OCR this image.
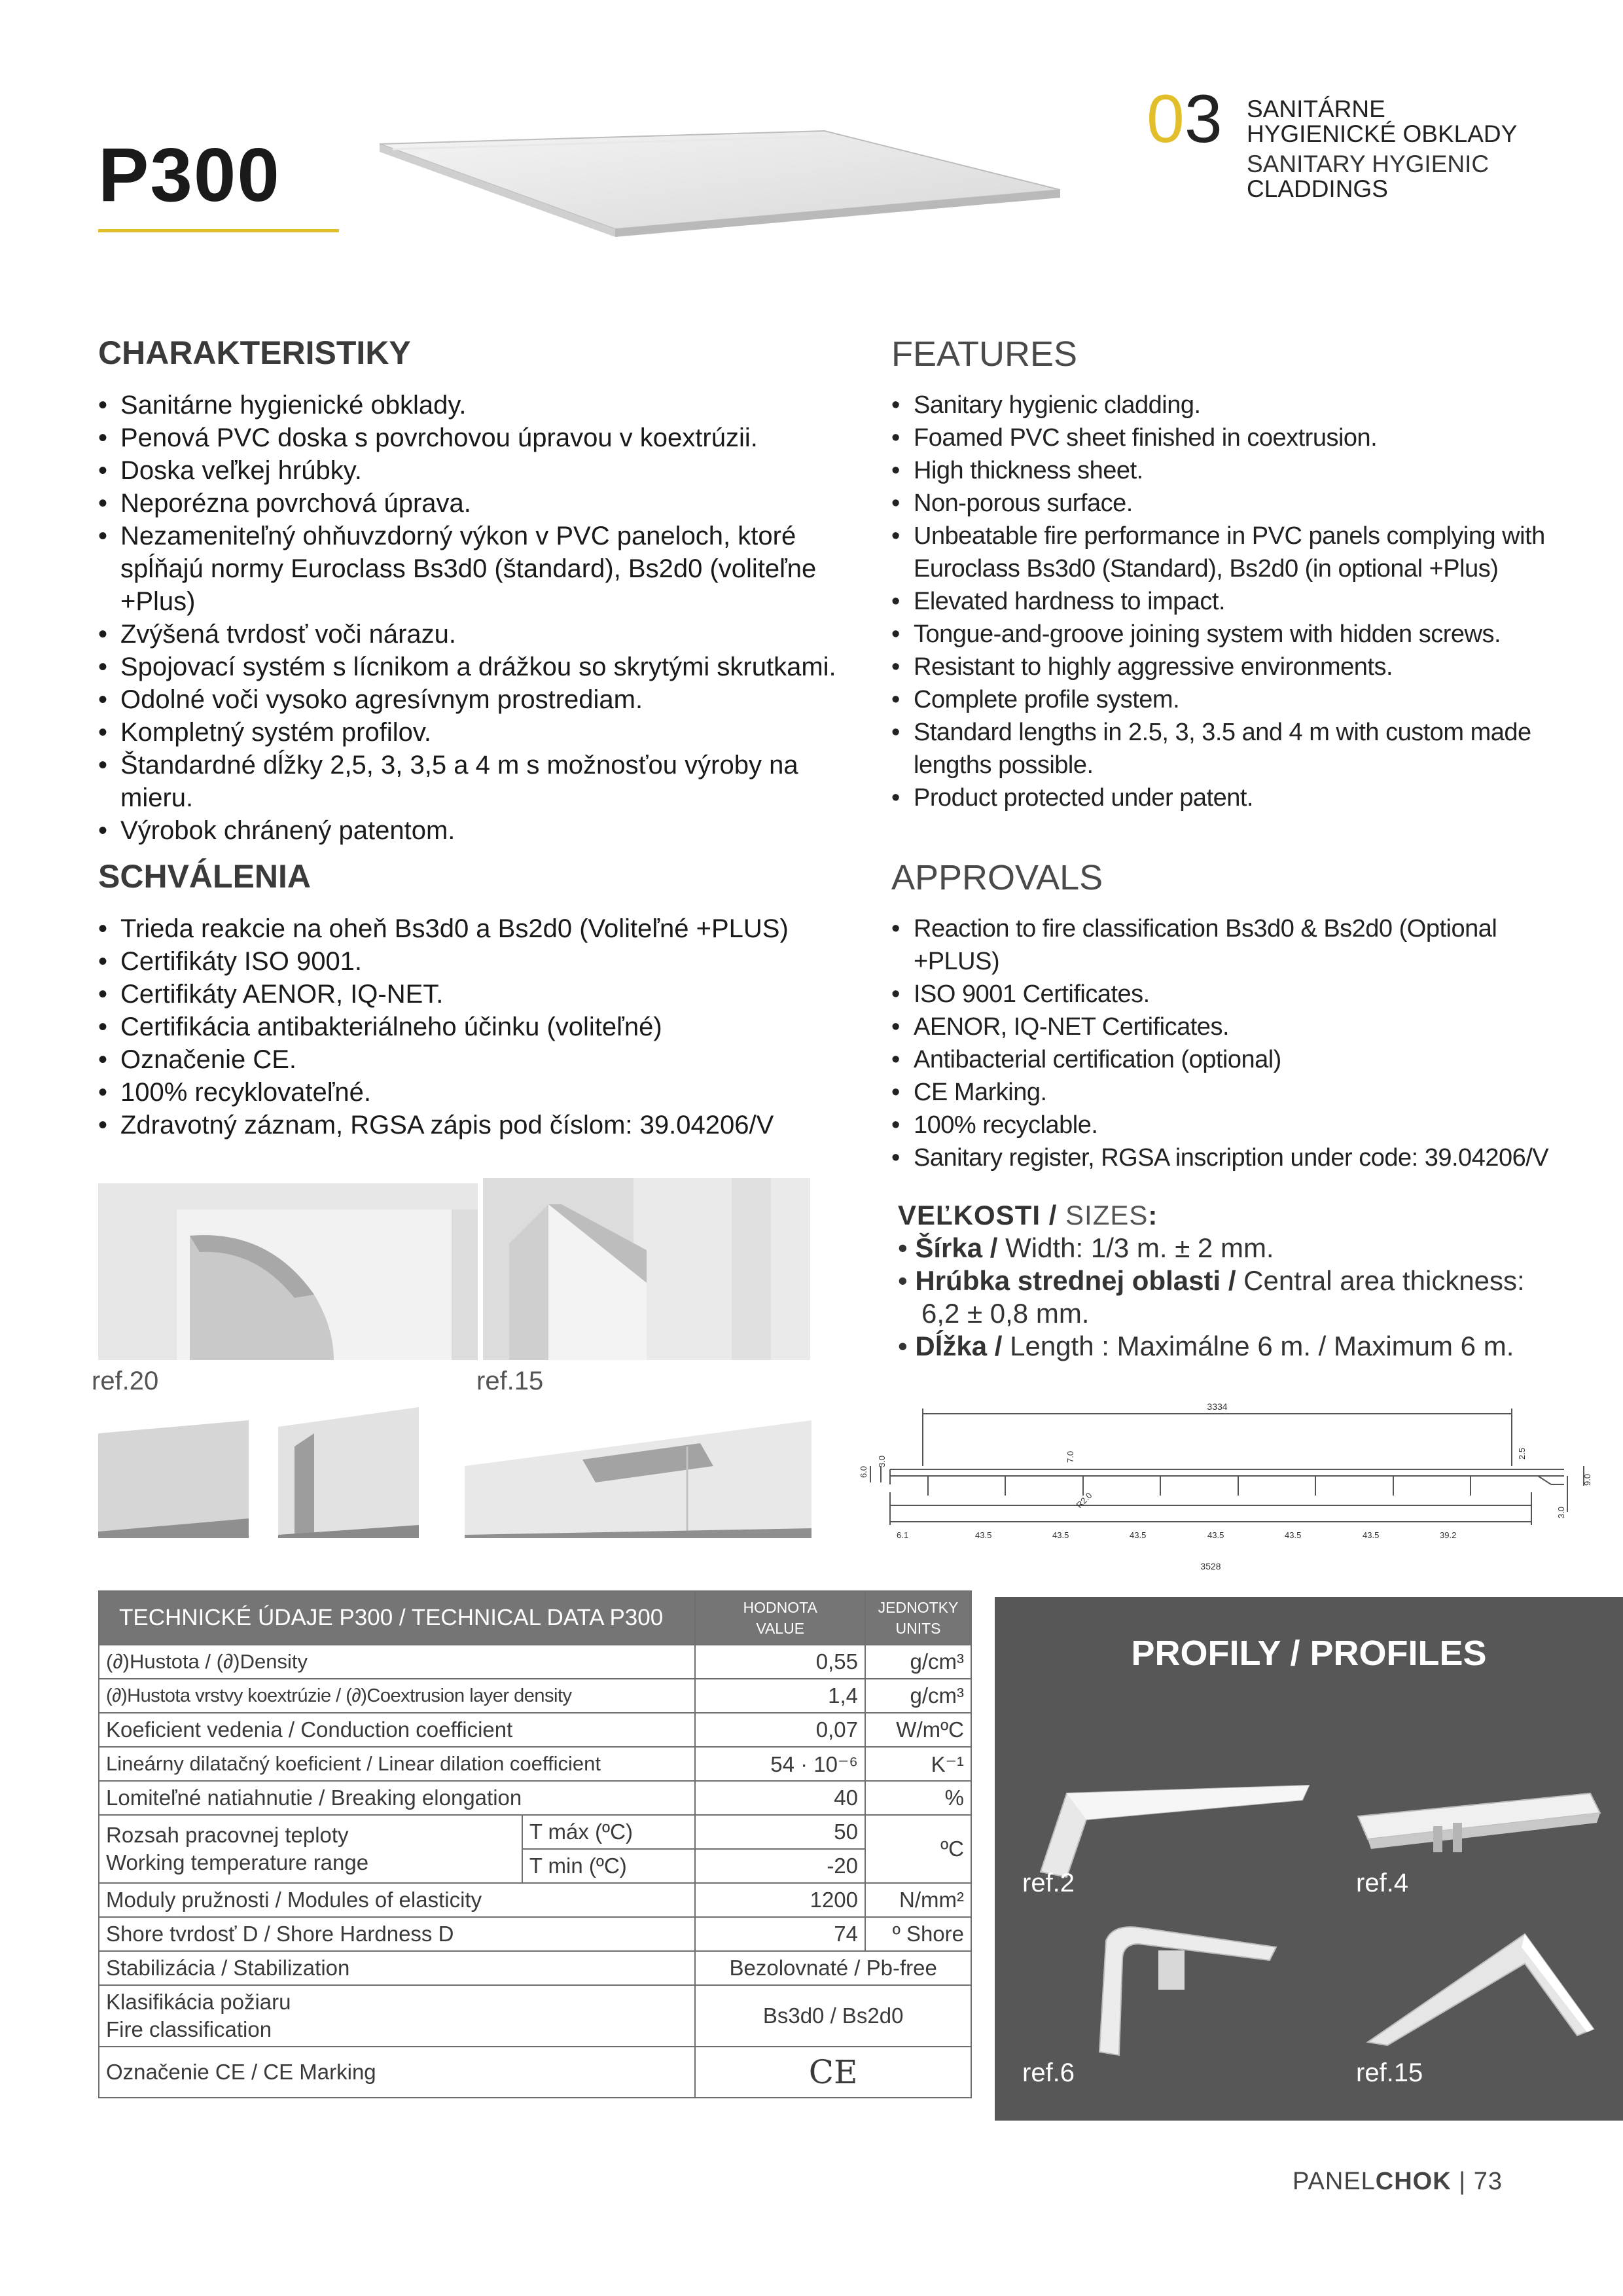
P300
03 SANITÁRNE
HYGIENICKÉ OBKLADY
SANITARY HYGIENIC
CLADDINGS
CHARAKTERISTIKY
• Sanitárne hygienické obklady.
• Penová PVC doska s povrchovou úpravou v koextrúzii.
• Doska veľkej hrúbky.
• Neporézna povrchová úprava.
• Nezameniteľný ohňuvzdorný výkon v PVC paneloch, ktoré spĺňajú normy Euroclass Bs3d0 (štandard), Bs2d0 (voliteľne +Plus)
• Zvýšená tvrdosť voči nárazu.
• Spojovací systém s lícnikom a drážkou so skrytými skrutkami.
• Odolné voči vysoko agresívnym prostrediam.
• Kompletný systém profilov.
• Štandardné dĺžky 2,5, 3, 3,5 a 4 m s možnosťou výroby na mieru.
• Výrobok chránený patentom.
SCHVÁLENIA
• Trieda reakcie na oheň Bs3d0 a Bs2d0 (Voliteľné +PLUS)
• Certifikáty ISO 9001.
• Certifikáty AENOR, IQ-NET.
• Certifikácia antibakteriálneho účinku (voliteľné)
• Označenie CE.
• 100% recyklovateľné.
• Zdravotný záznam, RGSA zápis pod číslom: 39.04206/V
FEATURES
• Sanitary hygienic cladding.
• Foamed PVC sheet finished in coextrusion.
• High thickness sheet.
• Non-porous surface.
• Unbeatable fire performance in PVC panels complying with Euroclass Bs3d0 (Standard), Bs2d0 (in optional +Plus)
• Elevated hardness to impact.
• Tongue-and-groove joining system with hidden screws.
• Resistant to highly aggressive environments.
• Complete profile system.
• Standard lengths in 2.5, 3, 3.5 and 4 m with custom made lengths possible.
• Product protected under patent.
APPROVALS
• Reaction to fire classification Bs3d0 & Bs2d0 (Optional +PLUS)
• ISO 9001 Certificates.
• AENOR, IQ-NET Certificates.
• Antibacterial certification (optional)
• CE Marking.
• 100% recyclable.
• Sanitary register, RGSA inscription under code: 39.04206/V
VEĽKOSTI / SIZES:
• Šírka / Width: 1/3 m. ± 2 mm.
• Hrúbka strednej oblasti / Central area thickness:
6,2 ± 0,8 mm.
• Dĺžka / Length : Maximálne 6 m. / Maximum 6 m.
ref.20	ref.15
3334
3528
6.0
3.0	7.0	2.5
9.0
3.0
R2.0
6.1	43.5	43.5	43.5	43.5	43.5	43.5	39.2
TECHNICKÉ ÚDAJE P300 / TECHNICAL DATA P300		HODNOTA
VALUE	JEDNOTKY
UNITS
(∂)Hustota / (∂)Density		0,55	g/cm³
(∂)Hustota vrstvy koextrúzie / (∂)Coextrusion layer density		1,4	g/cm³
Koeficient vedenia / Conduction coefficient		0,07	W/mºC
Lineárny dilatačný koeficient / Linear dilation coefficient		54 · 10⁻⁶	K⁻¹
Lomiteľné natiahnutie / Breaking elongation		40	%
Rozsah pracovnej teploty
Working temperature range	T máx (ºC)	50	ºC
	T min (ºC)	-20	
Moduly pružnosti / Modules of elasticity		1200	N/mm²
Shore tvrdosť D / Shore Hardness D		74	º Shore
Stabilizácia / Stabilization		Bezolovnaté / Pb-free	
Klasifikácia požiaru
Fire classification		Bs3d0 / Bs2d0	
Označenie CE / CE Marking		CE	
PROFILY / PROFILES
ref.2	ref.4
ref.6	ref.15
PANELCHOK | 73
